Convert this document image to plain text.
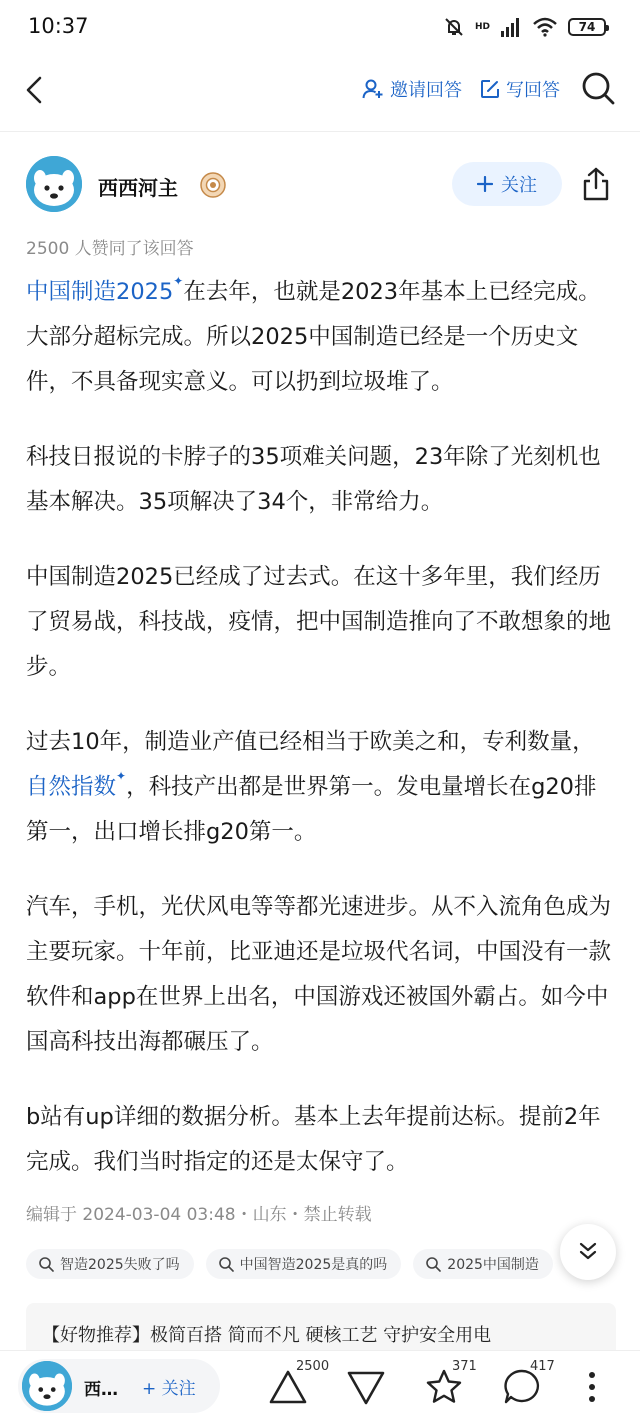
10:37	HD	74
邀请回答 写回答
西西河主	关注
2500 人赞同了该回答

中国制造2025✦在去年，也就是2023年基本上已经完成。大部分超标完成。所以2025中国制造已经是一个历史文件，不具备现实意义。可以扔到垃圾堆了。

科技日报说的卡脖子的35项难关问题，23年除了光刻机也基本解决。35项解决了34个，非常给力。

中国制造2025已经成了过去式。在这十多年里，我们经历了贸易战，科技战，疫情，把中国制造推向了不敢想象的地步。

过去10年，制造业产值已经相当于欧美之和，专利数量，自然指数✦，科技产出都是世界第一。发电量增长在g20排第一，出口增长排g20第一。

汽车，手机，光伏风电等等都光速进步。从不入流角色成为主要玩家。十年前，比亚迪还是垃圾代名词，中国没有一款软件和app在世界上出名，中国游戏还被国外霸占。如今中国高科技出海都碾压了。

b站有up详细的数据分析。基本上去年提前达标。提前2年完成。我们当时指定的还是太保守了。

编辑于 2024-03-04 03:48・山东・禁止转载
智造2025失败了吗	中国智造2025是真的吗	2025中国制造
【好物推荐】极简百搭 简而不凡 硬核工艺 守护安全用电
西… + 关注
2500	371	417
